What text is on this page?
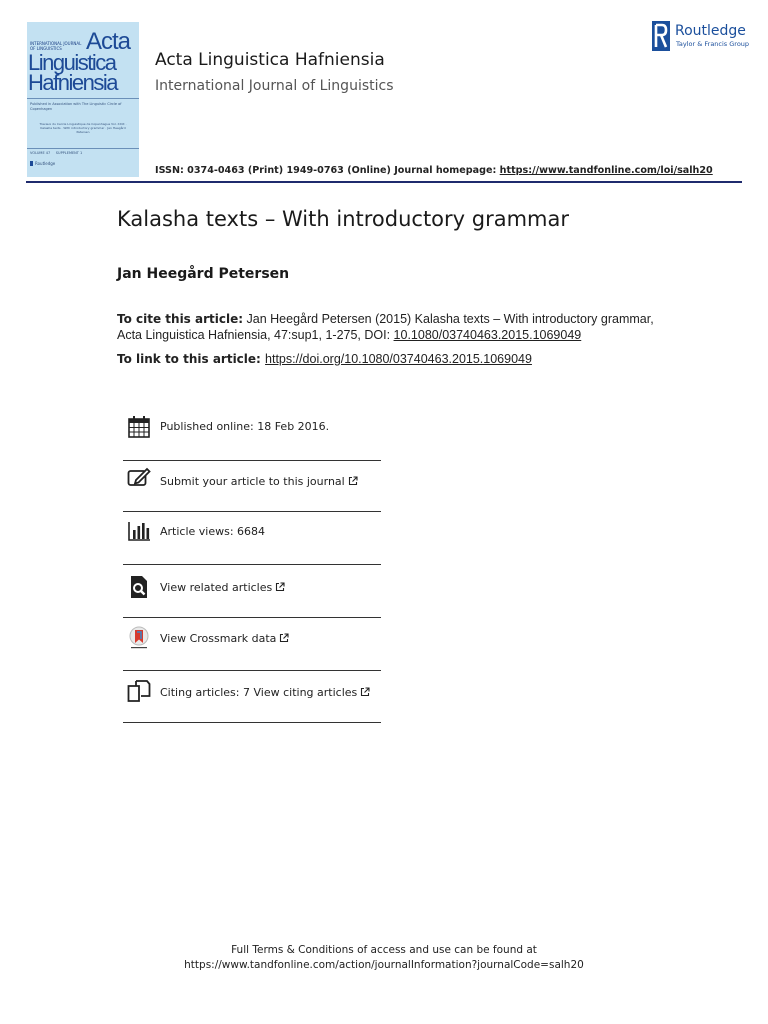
INTERNATIONAL JOURNAL OF LINGUISTICS	Acta
Linguistica
Hafniensia
Published in Association with The Linguistic Circle of Copenhagen
Travaux du Cercle Linguistique de Copenhague Vol. XXIX · Kalasha texts · With introductory grammar · Jan Heegård Petersen
VOLUME 47     SUPPLEMENT 1
Routledge
Acta Linguistica Hafniensia
International Journal of Linguistics
ISSN: 0374-0463 (Print) 1949-0763 (Online) Journal homepage: https://www.tandfonline.com/loi/salh20
Routledge
Taylor & Francis Group
Kalasha texts – With introductory grammar
Jan Heegård Petersen
To cite this article: Jan Heegård Petersen (2015) Kalasha texts – With introductory grammar, Acta Linguistica Hafniensia, 47:sup1, 1-275, DOI: 10.1080/03740463.2015.1069049
To link to this article: https://doi.org/10.1080/03740463.2015.1069049
Published online: 18 Feb 2016.
Submit your article to this journal
Article views: 6684
View related articles
View Crossmark data
Citing articles: 7 View citing articles
Full Terms & Conditions of access and use can be found at
https://www.tandfonline.com/action/journalInformation?journalCode=salh20
